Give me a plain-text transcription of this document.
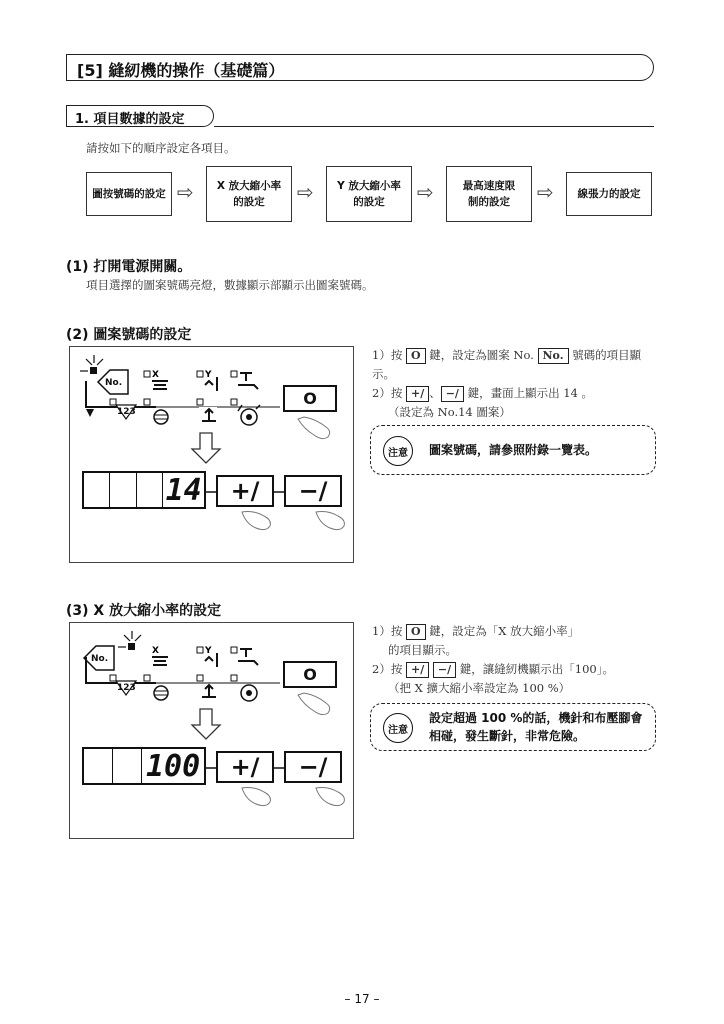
[5] 縫紉機的操作（基礎篇）
1. 項目數據的設定
請按如下的順序設定各項目。
圖按號碼的設定 ⇨ X 放大縮小率的設定	⇨ Y 放大縮小率的設定	⇨	最高速度限制的設定	⇨ 線張力的設定
(1) 打開電源開關。
項目選擇的圖案號碼亮燈，數據顯示部顯示出圖案號碼。
(2) 圖案號碼的設定
X	Y
No.
123
O
14	+/	−/
1）按 O 鍵，設定為圖案 No. No. 號碼的項目顯示。
2）按 +/ 、 −/ 鍵，畫面上顯示出 14 。
（設定為 No.14 圖案）
注意	圖案號碼，請參照附錄一覽表。
(3) X 放大縮小率的設定
X	Y
No.
123
O
100	+/	−/
1）按 O 鍵，設定為「X 放大縮小率」
的項目顯示。
2）按 +/ −/ 鍵，讓縫紉機顯示出「100」。
（把 X 擴大縮小率設定為 100 %）
注意
設定超過 100 %的話，機針和布壓腳會
相碰，發生斷針，非常危險。
– 17 –
